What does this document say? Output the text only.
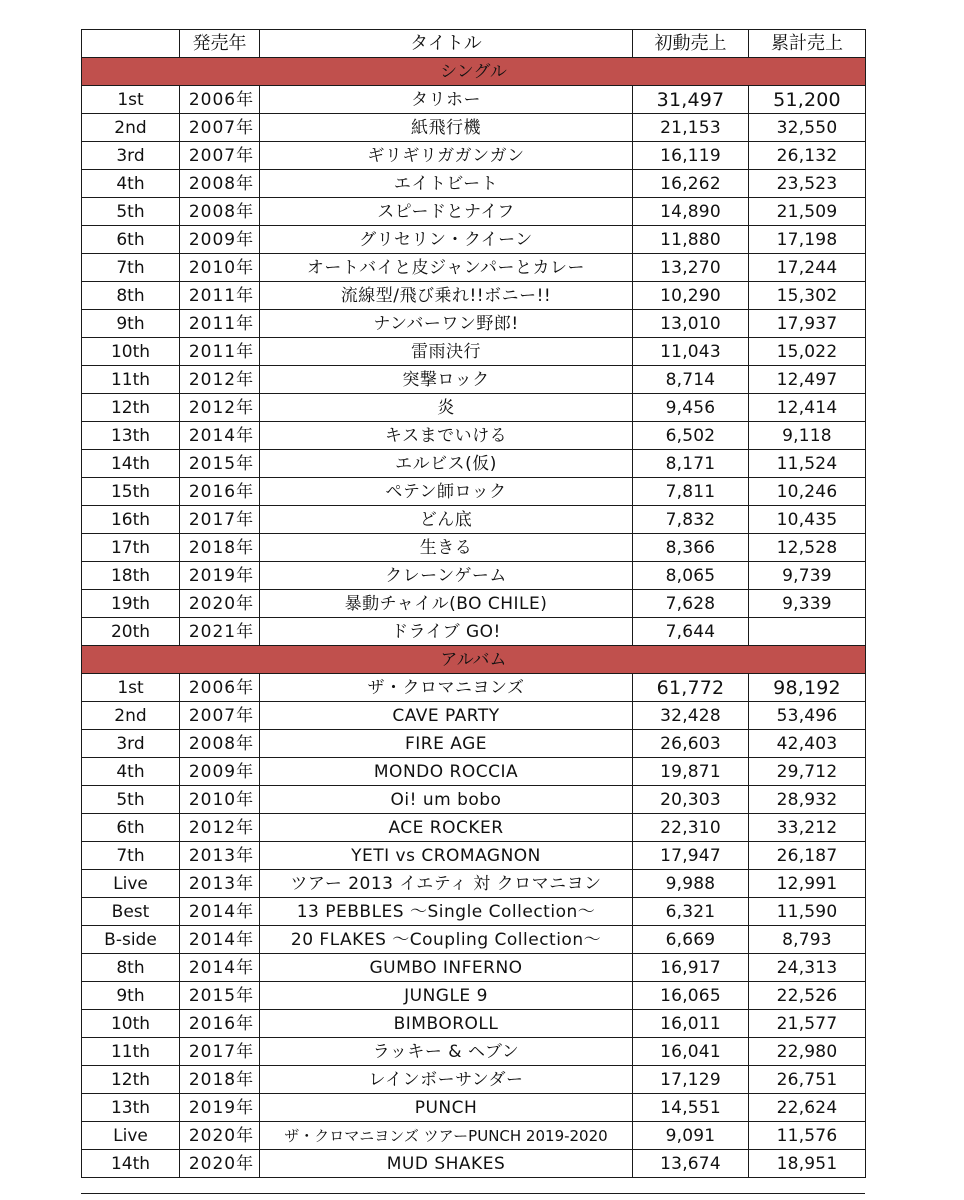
	発売年	タイトル	初動売上	累計売上
シングル				
1st	2006年	タリホー	31,497	51,200
2nd	2007年	紙飛行機	21,153	32,550
3rd	2007年	ギリギリガガンガン	16,119	26,132
4th	2008年	エイトビート	16,262	23,523
5th	2008年	スピードとナイフ	14,890	21,509
6th	2009年	グリセリン・クイーン	11,880	17,198
7th	2010年	オートバイと皮ジャンパーとカレー	13,270	17,244
8th	2011年	流線型/飛び乗れ!!ボニー!!	10,290	15,302
9th	2011年	ナンバーワン野郎!	13,010	17,937
10th	2011年	雷雨決行	11,043	15,022
11th	2012年	突撃ロック	8,714	12,497
12th	2012年	炎	9,456	12,414
13th	2014年	キスまでいける	6,502	9,118
14th	2015年	エルビス(仮)	8,171	11,524
15th	2016年	ペテン師ロック	7,811	10,246
16th	2017年	どん底	7,832	10,435
17th	2018年	生きる	8,366	12,528
18th	2019年	クレーンゲーム	8,065	9,739
19th	2020年	暴動チャイル(BO CHILE)	7,628	9,339
20th	2021年	ドライブ GO!	7,644	
アルバム				
1st	2006年	ザ・クロマニヨンズ	61,772	98,192
2nd	2007年	CAVE PARTY	32,428	53,496
3rd	2008年	FIRE AGE	26,603	42,403
4th	2009年	MONDO ROCCIA	19,871	29,712
5th	2010年	Oi! um bobo	20,303	28,932
6th	2012年	ACE ROCKER	22,310	33,212
7th	2013年	YETI vs CROMAGNON	17,947	26,187
Live	2013年	ツアー 2013 イエティ 対 クロマニヨン	9,988	12,991
Best	2014年	13 PEBBLES 〜Single Collection〜	6,321	11,590
B-side	2014年	20 FLAKES 〜Coupling Collection〜	6,669	8,793
8th	2014年	GUMBO INFERNO	16,917	24,313
9th	2015年	JUNGLE 9	16,065	22,526
10th	2016年	BIMBOROLL	16,011	21,577
11th	2017年	ラッキー & ヘブン	16,041	22,980
12th	2018年	レインボーサンダー	17,129	26,751
13th	2019年	PUNCH	14,551	22,624
Live	2020年	ザ・クロマニヨンズ ツアーPUNCH 2019-2020	9,091	11,576
14th	2020年	MUD SHAKES	13,674	18,951
